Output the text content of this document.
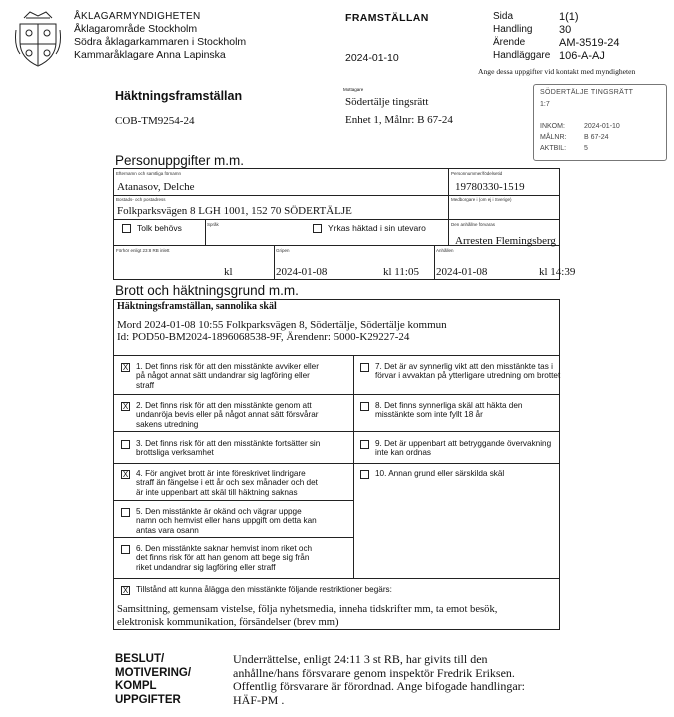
ÅKLAGARMYNDIGHETEN
Åklagarområde Stockholm
Södra åklagarkammaren i Stockholm
Kammaråklagare Anna Lapinska
FRAMSTÄLLAN
2024-01-10
Sida	1(1)
Handling 30
Ärende	AM-3519-24
Handläggare 106-A-AJ
Ange dessa uppgifter vid kontakt med myndigheten
SÖDERTÄLJE TINGSRÄTT
1:7
INKOM:	2024-01-10
MÅLNR:	B 67-24
AKTBIL:	5
Häktningsframställan
COB-TM9254-24
Mottagare
Södertälje tingsrätt
Enhet 1, Målnr: B 67-24
Personuppgifter m.m.
Efternamn och samtliga förnamn
Atanasov, Delche
Personnummer/födelsetid
19780330-1519
Bostads- och postadress
Folkparksvägen 8 LGH 1001, 152 70 SÖDERTÄLJE
Medborgare i (om ej i Sverige)
Tolk behövs	Språk	Yrkas häktad i sin utevaro	Den anhållne förvaras
Arresten Flemingsberg
Förhör enligt 23:8 RB inlett
kl
Gripen
2024-01-08	kl 11:05
Anhållen
2024-01-08	kl 14:39
Brott och häktningsgrund m.m.
Häktningsframställan, sannolika skäl
Mord 2024-01-08 10:55 Folkparksvägen 8, Södertälje, Södertälje kommun
Id: POD50-BM2024-1896068538-9F, Ärendenr: 5000-K29227-24
X 1. Det finns risk för att den misstänkte avviker eller
på något annat sätt undandrar sig lagföring eller
straff
X 2. Det finns risk för att den misstänkte genom att
undanröja bevis eller på något annat sätt försvårar
sakens utredning
3. Det finns risk för att den misstänkte fortsätter sin
brottsliga verksamhet
X 4. För angivet brott är inte föreskrivet lindrigare
straff än fängelse i ett år och sex månader och det
är inte uppenbart att skäl till häktning saknas
5. Den misstänkte är okänd och vägrar uppge
namn och hemvist eller hans uppgift om detta kan
antas vara osann
6. Den misstänkte saknar hemvist inom riket och
det finns risk för att han genom att bege sig från
riket undandrar sig lagföring eller straff
7. Det är av synnerlig vikt att den misstänkte tas i
förvar i avvaktan på ytterligare utredning om brottet
8. Det finns synnerliga skäl att häkta den
misstänkte som inte fyllt 18 år
9. Det är uppenbart att betryggande övervakning
inte kan ordnas
10. Annan grund eller särskilda skäl
X Tillstånd att kunna ålägga den misstänkte följande restriktioner begärs:
Samsittning, gemensam vistelse, följa nyhetsmedia, inneha tidskrifter mm, ta emot besök,
elektronisk kommunikation, försändelser (brev mm)
BESLUT/
MOTIVERING/
KOMPL
UPPGIFTER
Underrättelse, enligt 24:11 3 st RB, har givits till den
anhållne/hans försvarare genom inspektör Fredrik Eriksen.
Offentlig försvarare är förordnad. Ange bifogade handlingar:
HÄF-PM .
